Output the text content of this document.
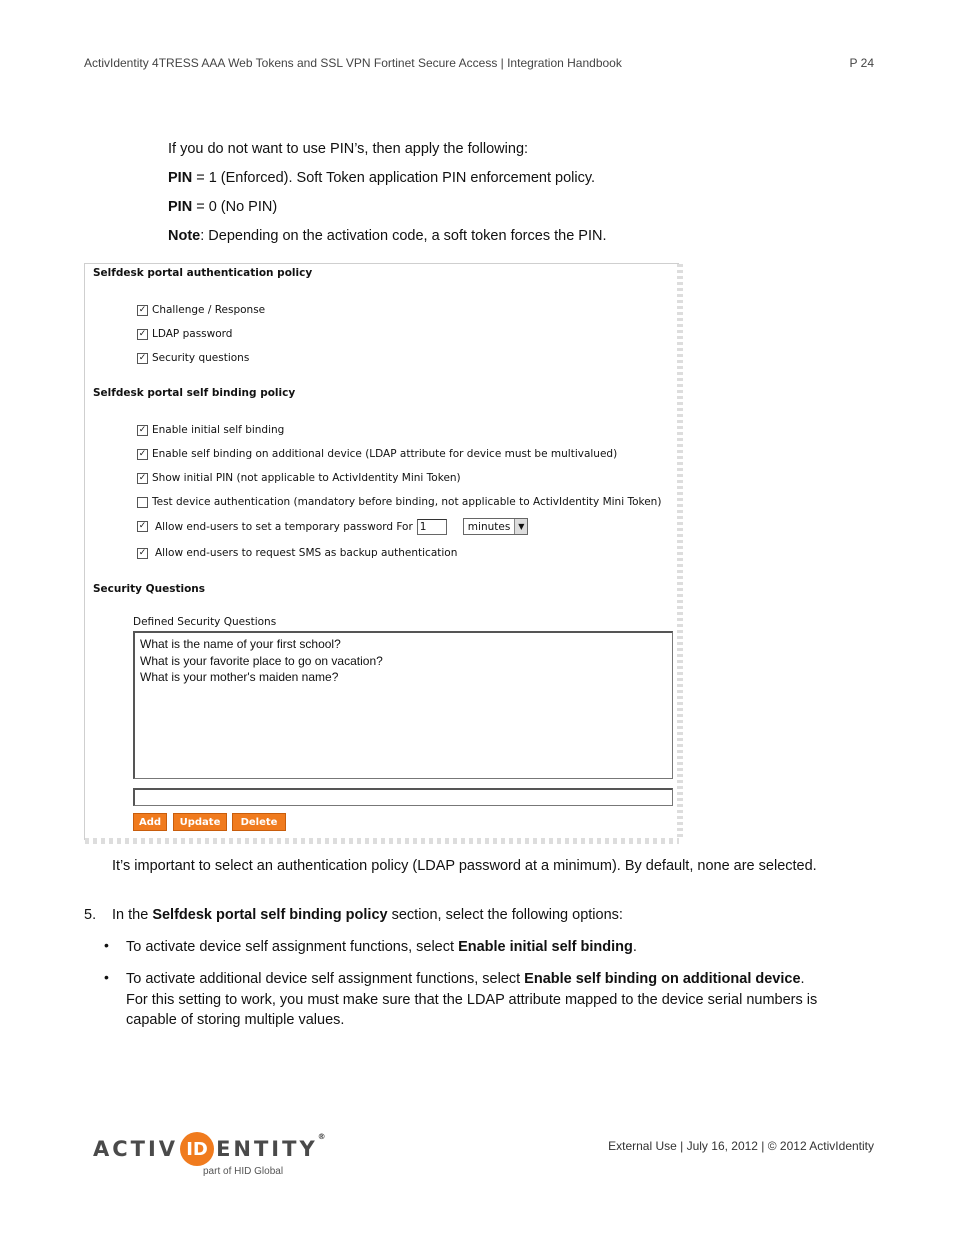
ActivIdentity 4TRESS AAA Web Tokens and SSL VPN Fortinet Secure Access | Integration Handbook	P 24
If you do not want to use PIN’s, then apply the following:
PIN = 1 (Enforced). Soft Token application PIN enforcement policy.
PIN = 0 (No PIN)
Note: Depending on the activation code, a soft token forces the PIN.
Selfdesk portal authentication policy
✓ Challenge / Response
✓ LDAP password
✓ Security questions
Selfdesk portal self binding policy
✓ Enable initial self binding
✓ Enable self binding on additional device (LDAP attribute for device must be multivalued)
✓ Show initial PIN (not applicable to ActivIdentity Mini Token)
Test device authentication (mandatory before binding, not applicable to ActivIdentity Mini Token)
✓ Allow end-users to set a temporary password For 1	minutes ▼
✓ Allow end-users to request SMS as backup authentication
Security Questions
Defined Security Questions
What is the name of your first school?
What is your favorite place to go on vacation?
What is your mother's maiden name?
Add	Update	Delete
It’s important to select an authentication policy (LDAP password at a minimum). By default, none are selected.
5. In the Selfdesk portal self binding policy section, select the following options:
• To activate device self assignment functions, select Enable initial self binding.
• To activate additional device self assignment functions, select Enable self binding on additional device. For this setting to work, you must make sure that the LDAP attribute mapped to the device serial numbers is capable of storing multiple values.
ACTIV ID ENTITY
®
part of HID Global
External Use | July 16, 2012 | © 2012 ActivIdentity
